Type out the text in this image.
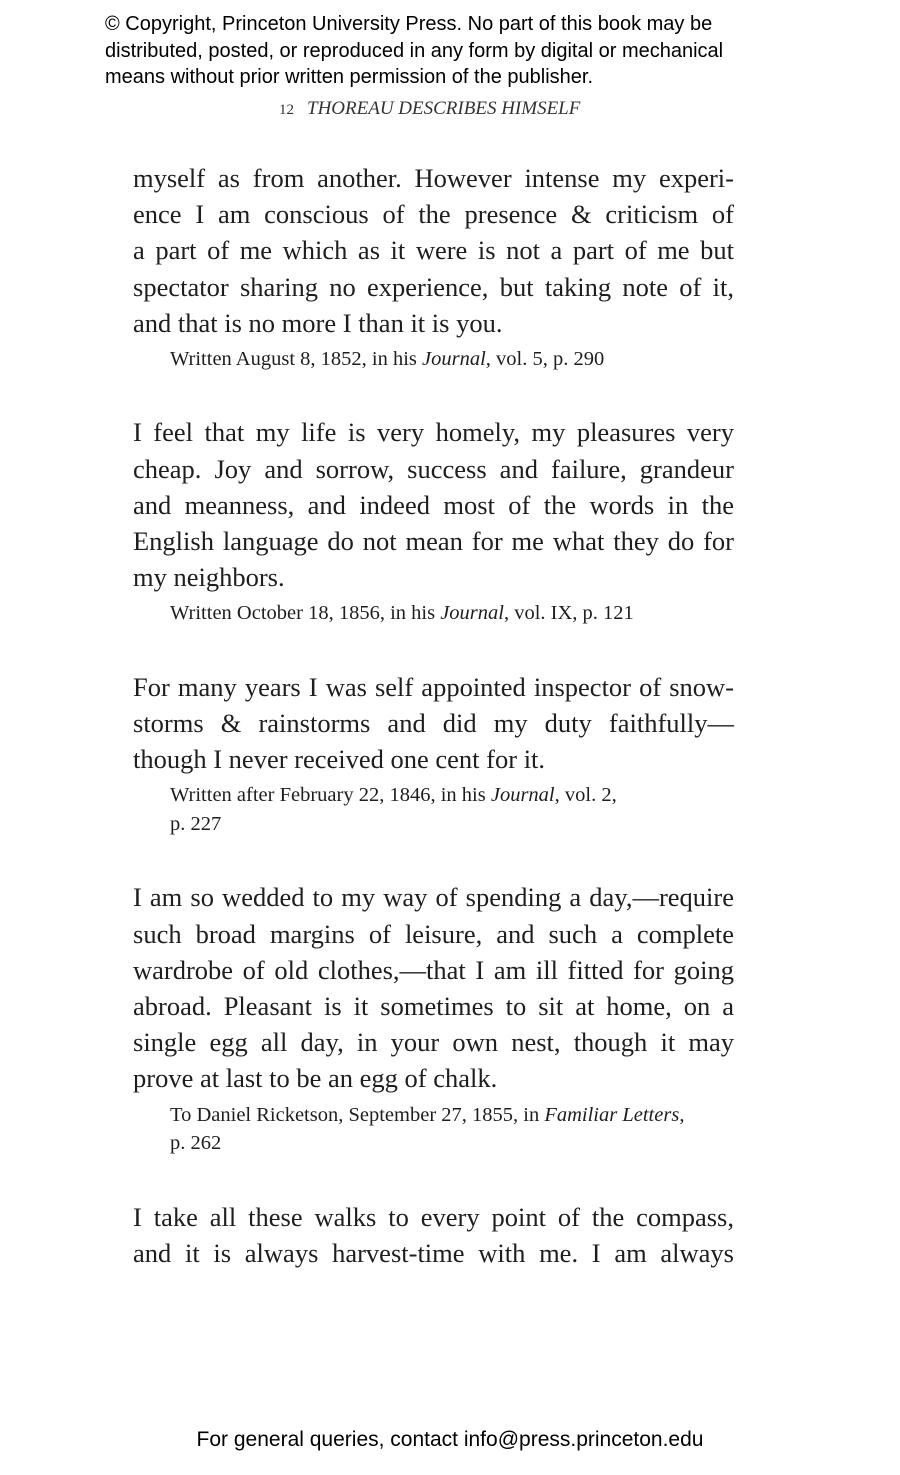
© Copyright, Princeton University Press. No part of this book may be
distributed, posted, or reproduced in any form by digital or mechanical
means without prior written permission of the publisher.
12 THOREAU DESCRIBES HIMSELF
myself as from another. However intense my experi-
ence I am conscious of the presence & criticism of
a part of me which as it were is not a part of me but
spectator sharing no experience, but taking note of it,
and that is no more I than it is you.
Written August 8, 1852, in his Journal, vol. 5, p. 290
I feel that my life is very homely, my pleasures very
cheap. Joy and sorrow, success and failure, grandeur
and meanness, and indeed most of the words in the
English language do not mean for me what they do for
my neighbors.
Written October 18, 1856, in his Journal, vol. IX, p. 121
For many years I was self appointed inspector of snow-
storms & rainstorms and did my duty faithfully—
though I never received one cent for it.
Written after February 22, 1846, in his Journal, vol. 2,
p. 227
I am so wedded to my way of spending a day,—require
such broad margins of leisure, and such a complete
wardrobe of old clothes,—that I am ill fitted for going
abroad. Pleasant is it sometimes to sit at home, on a
single egg all day, in your own nest, though it may
prove at last to be an egg of chalk.
To Daniel Ricketson, September 27, 1855, in Familiar Letters,
p. 262
I take all these walks to every point of the compass,
and it is always harvest-time with me. I am always
For general queries, contact info@press.princeton.edu
